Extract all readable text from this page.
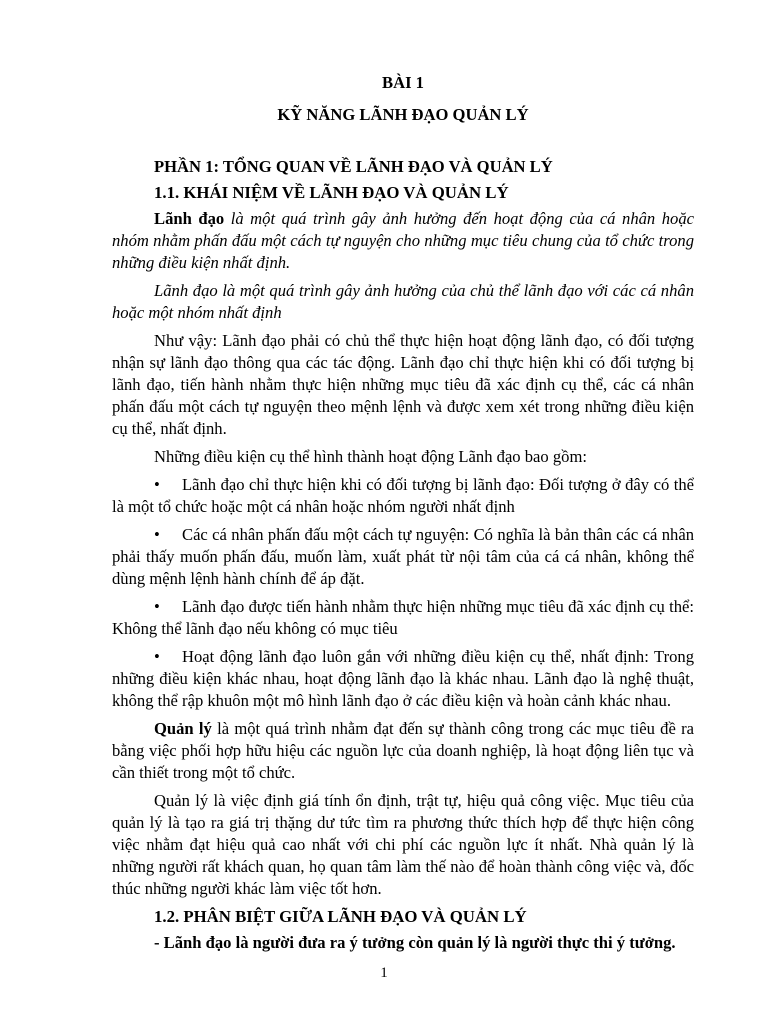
BÀI 1
KỸ NĂNG LÃNH ĐẠO QUẢN LÝ
PHẦN 1: TỔNG QUAN VỀ LÃNH ĐẠO VÀ QUẢN LÝ
1.1. KHÁI NIỆM VỀ LÃNH ĐẠO VÀ QUẢN LÝ

Lãnh đạo là một quá trình gây ảnh hưởng đến hoạt động của cá nhân hoặc nhóm nhằm phấn đấu một cách tự nguyện cho những mục tiêu chung của tổ chức trong những điều kiện nhất định.

Lãnh đạo là một quá trình gây ảnh hưởng của chủ thể lãnh đạo với các cá nhân hoặc một nhóm nhất định

Như vậy: Lãnh đạo phải có chủ thể thực hiện hoạt động lãnh đạo, có đối tượng nhận sự lãnh đạo thông qua các tác động. Lãnh đạo chỉ thực hiện khi có đối tượng bị lãnh đạo, tiến hành nhằm thực hiện những mục tiêu đã xác định cụ thể, các cá nhân phấn đấu một cách tự nguyện theo mệnh lệnh và được xem xét trong những điều kiện cụ thể, nhất định.

Những điều kiện cụ thể hình thành hoạt động Lãnh đạo bao gồm:

• Lãnh đạo chỉ thực hiện khi có đối tượng bị lãnh đạo: Đối tượng ở đây có thể là một tổ chức hoặc một cá nhân hoặc nhóm người nhất định

• Các cá nhân phấn đấu một cách tự nguyện: Có nghĩa là bản thân các cá nhân phải thấy muốn phấn đấu, muốn làm, xuất phát từ nội tâm của cá cá nhân, không thể dùng mệnh lệnh hành chính để áp đặt.

• Lãnh đạo được tiến hành nhằm thực hiện những mục tiêu đã xác định cụ thể: Không thể lãnh đạo nếu không có mục tiêu

• Hoạt động lãnh đạo luôn gắn với những điều kiện cụ thể, nhất định: Trong những điều kiện khác nhau, hoạt động lãnh đạo là khác nhau. Lãnh đạo là nghệ thuật, không thể rập khuôn một mô hình lãnh đạo ở các điều kiện và hoàn cảnh khác nhau.

Quản lý là một quá trình nhằm đạt đến sự thành công trong các mục tiêu đề ra bằng việc phối hợp hữu hiệu các nguồn lực của doanh nghiệp, là hoạt động liên tục và cần thiết trong một tổ chức.

Quản lý là việc định giá tính ổn định, trật tự, hiệu quả công việc. Mục tiêu của quản lý là tạo ra giá trị thặng dư tức tìm ra phương thức thích hợp để thực hiện công việc nhằm đạt hiệu quả cao nhất với chi phí các nguồn lực ít nhất. Nhà quản lý là những người rất khách quan, họ quan tâm làm thế nào để hoàn thành công việc và, đốc thúc những người khác làm việc tốt hơn.

1.2. PHÂN BIỆT GIỮA LÃNH ĐẠO VÀ QUẢN LÝ

- Lãnh đạo là người đưa ra ý tưởng còn quản lý là người thực thi ý tưởng.

1
